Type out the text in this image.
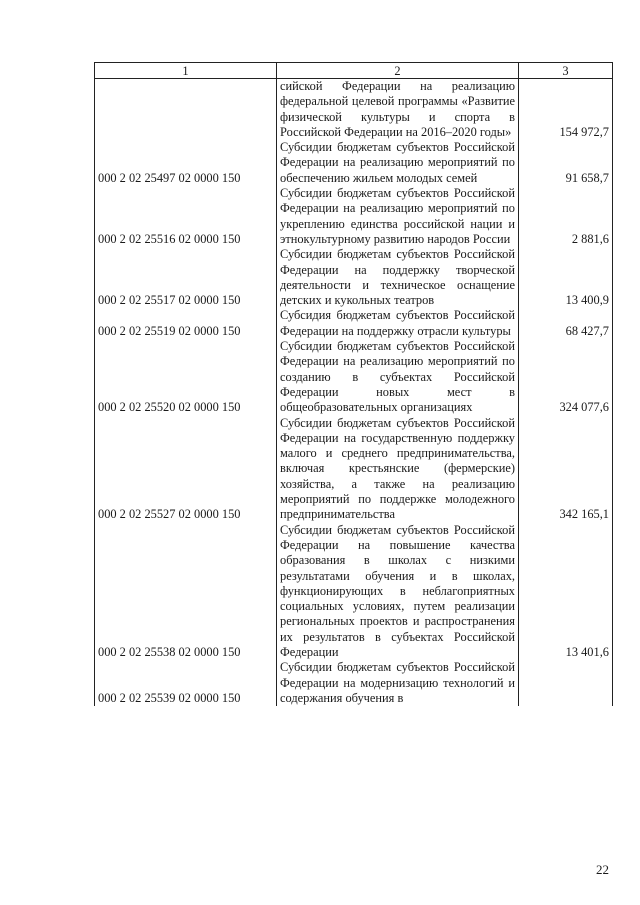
1	2	3
	сийской Федерации на реализацию федеральной целевой программы «Развитие физической культуры и спорта в Российской Федерации на 2016–2020 годы»	154 972,7
000 2 02 25497 02 0000 150	Субсидии бюджетам субъектов Российской Федерации на реализацию мероприятий по обеспечению жильем молодых семей	91 658,7
000 2 02 25516 02 0000 150	Субсидии бюджетам субъектов Российской Федерации на реализацию мероприятий по укреплению единства российской нации и этнокультурному развитию народов России	2 881,6
000 2 02 25517 02 0000 150	Субсидии бюджетам субъектов Российской Федерации на поддержку творческой деятельности и техническое оснащение детских и кукольных театров	13 400,9
000 2 02 25519 02 0000 150	Субсидия бюджетам субъектов Российской Федерации на поддержку отрасли культуры	68 427,7
000 2 02 25520 02 0000 150	Субсидии бюджетам субъектов Российской Федерации на реализацию мероприятий по созданию в субъектах Российской Федерации новых мест в общеобразовательных организациях	324 077,6
000 2 02 25527 02 0000 150	Субсидии бюджетам субъектов Российской Федерации на государственную поддержку малого и среднего предпринимательства, включая крестьянские (фермерские) хозяйства, а также на реализацию мероприятий по поддержке молодежного предпринимательства	342 165,1
000 2 02 25538 02 0000 150	Субсидии бюджетам субъектов Российской Федерации на повышение качества образования в школах с низкими результатами обучения и в школах, функционирующих в неблагоприятных социальных условиях, путем реализации региональных проектов и распространения их результатов в субъектах Российской Федерации	13 401,6
000 2 02 25539 02 0000 150	Субсидии бюджетам субъектов Российской Федерации на модернизацию технологий и содержания обучения в	
22
